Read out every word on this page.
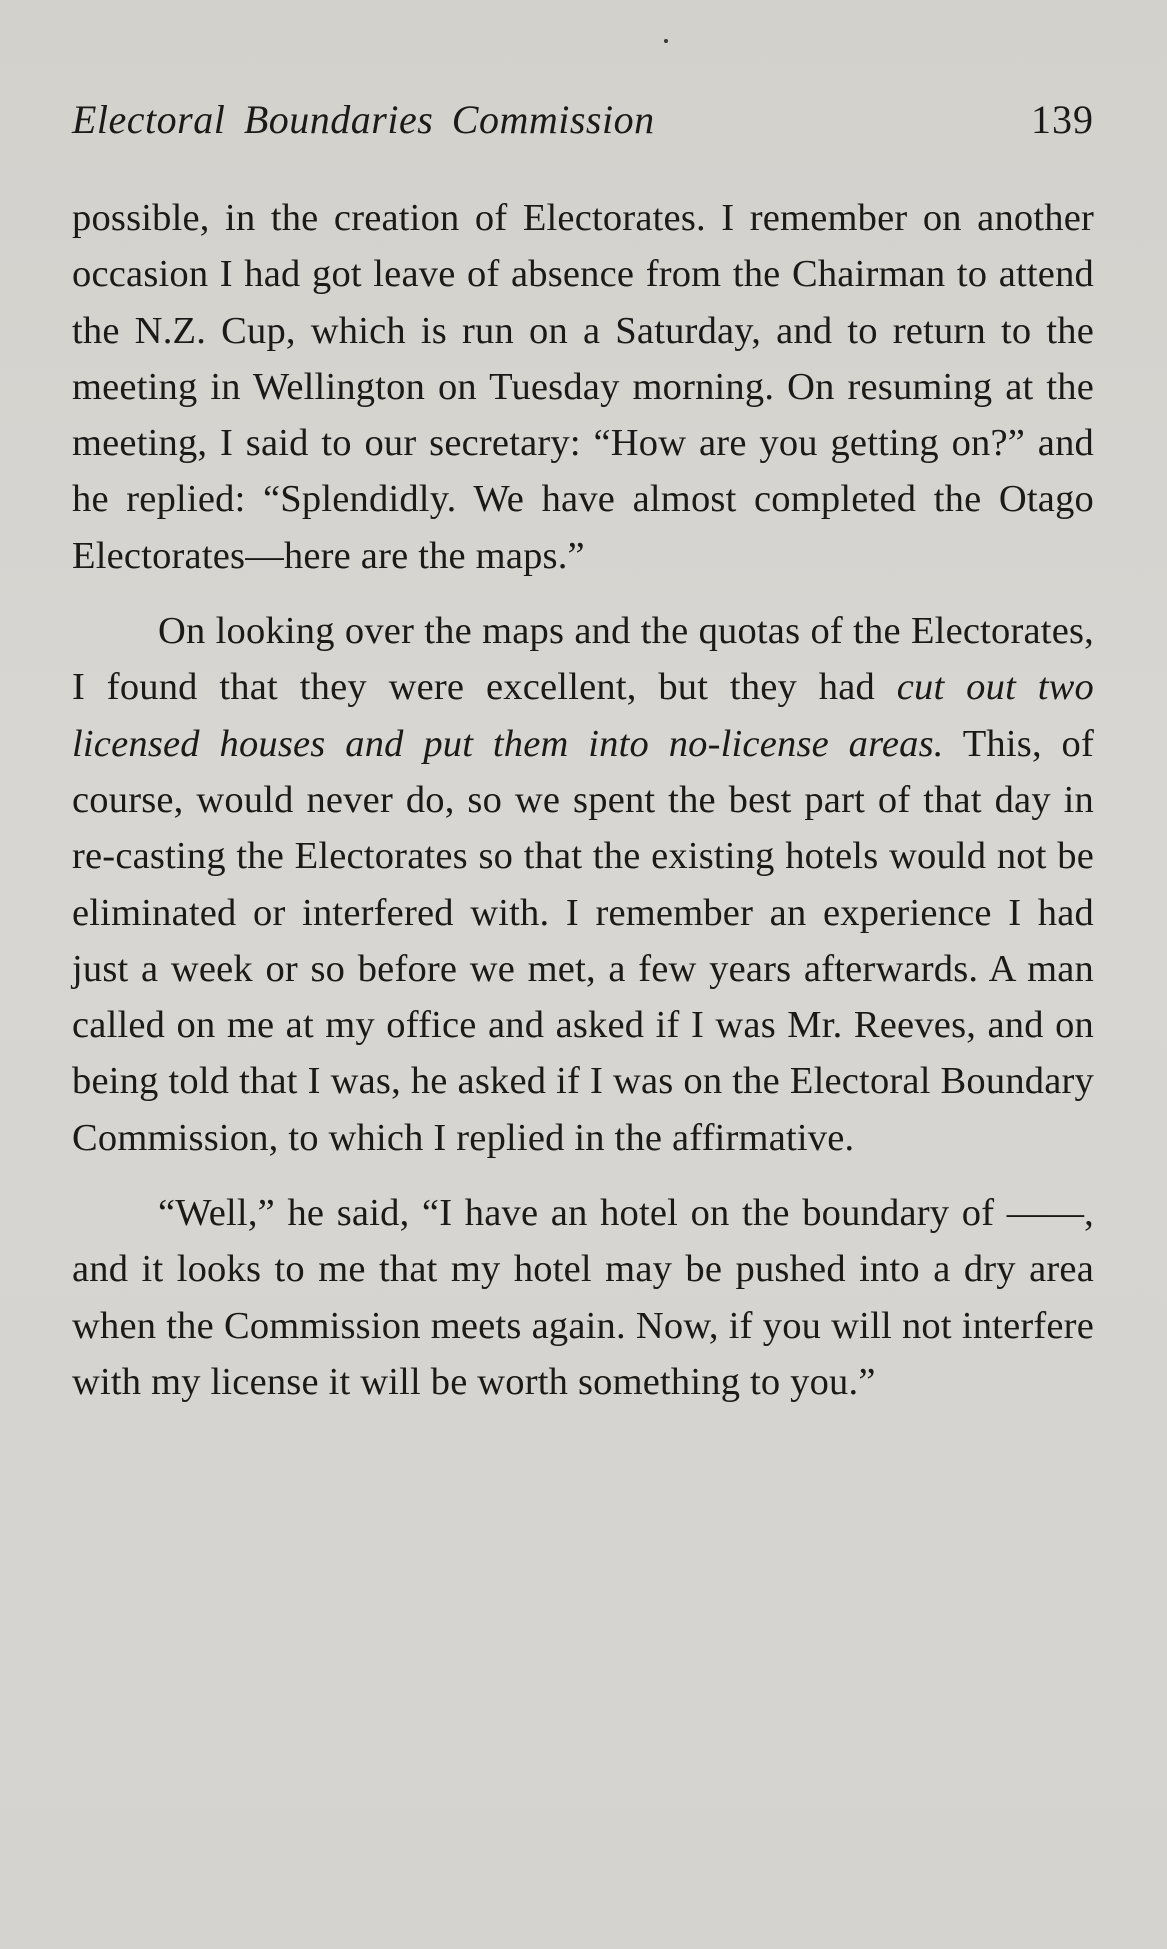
Electoral Boundaries Commission	139

possible, in the creation of Electorates. I remember on another occasion I had got leave of absence from the Chairman to attend the N.Z. Cup, which is run on a Saturday, and to return to the meeting in Wellington on Tuesday morning. On resuming at the meeting, I said to our secretary: “How are you getting on?” and he replied: “Splendidly. We have almost completed the Otago Electorates—here are the maps.”

On looking over the maps and the quotas of the Electorates, I found that they were excellent, but they had cut out two licensed houses and put them into no-license areas. This, of course, would never do, so we spent the best part of that day in re-casting the Electorates so that the existing hotels would not be eliminated or interfered with. I remember an experience I had just a week or so before we met, a few years afterwards. A man called on me at my office and asked if I was Mr. Reeves, and on being told that I was, he asked if I was on the Electoral Boundary Commission, to which I replied in the affirmative.

“Well,” he said, “I have an hotel on the boundary of ——, and it looks to me that my hotel may be pushed into a dry area when the Commission meets again. Now, if you will not interfere with my license it will be worth something to you.”
